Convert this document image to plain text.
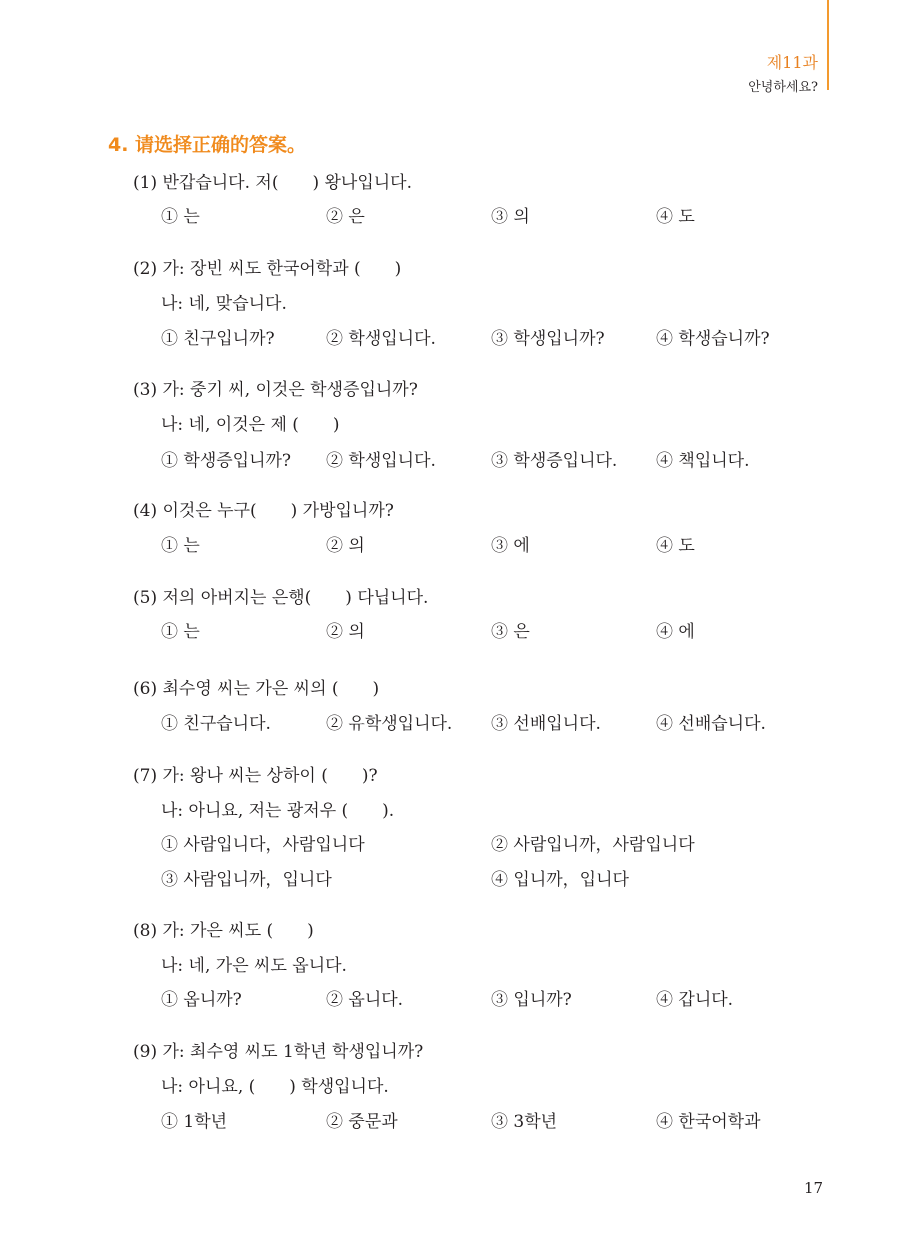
제11과
안녕하세요?
4. 请选择正确的答案。
(1) 반갑습니다. 저(　　) 왕나입니다.
① 는	② 은	③ 의	④ 도
(2) 가: 장빈 씨도 한국어학과 (　　)
나: 네, 맞습니다.
① 친구입니까?	② 학생입니다.	③ 학생입니까?	④ 학생습니까?
(3) 가: 중기 씨, 이것은 학생증입니까?
나: 네, 이것은 제 (　　)
① 학생증입니까? ② 학생입니다.	③ 학생증입니다. ④ 책입니다.
(4) 이것은 누구(　　) 가방입니까?
① 는	② 의	③ 에	④ 도
(5) 저의 아버지는 은행(　　) 다닙니다.
① 는	② 의	③ 은	④ 에
(6) 최수영 씨는 가은 씨의 (　　)
① 친구습니다.	② 유학생입니다. ③ 선배입니다.	④ 선배습니다.
(7) 가: 왕나 씨는 상하이 (　　)?
나: 아니요, 저는 광저우 (　　).
① 사람입니다，사람입니다	② 사람입니까，사람입니다
③ 사람입니까，입니다	④ 입니까，입니다
(8) 가: 가은 씨도 (　　)
나: 네, 가은 씨도 옵니다.
① 옵니까?	② 옵니다.	③ 입니까?	④ 갑니다.
(9) 가: 최수영 씨도 1학년 학생입니까?
나: 아니요, (　　) 학생입니다.
① 1학년	② 중문과	③ 3학년	④ 한국어학과
17
